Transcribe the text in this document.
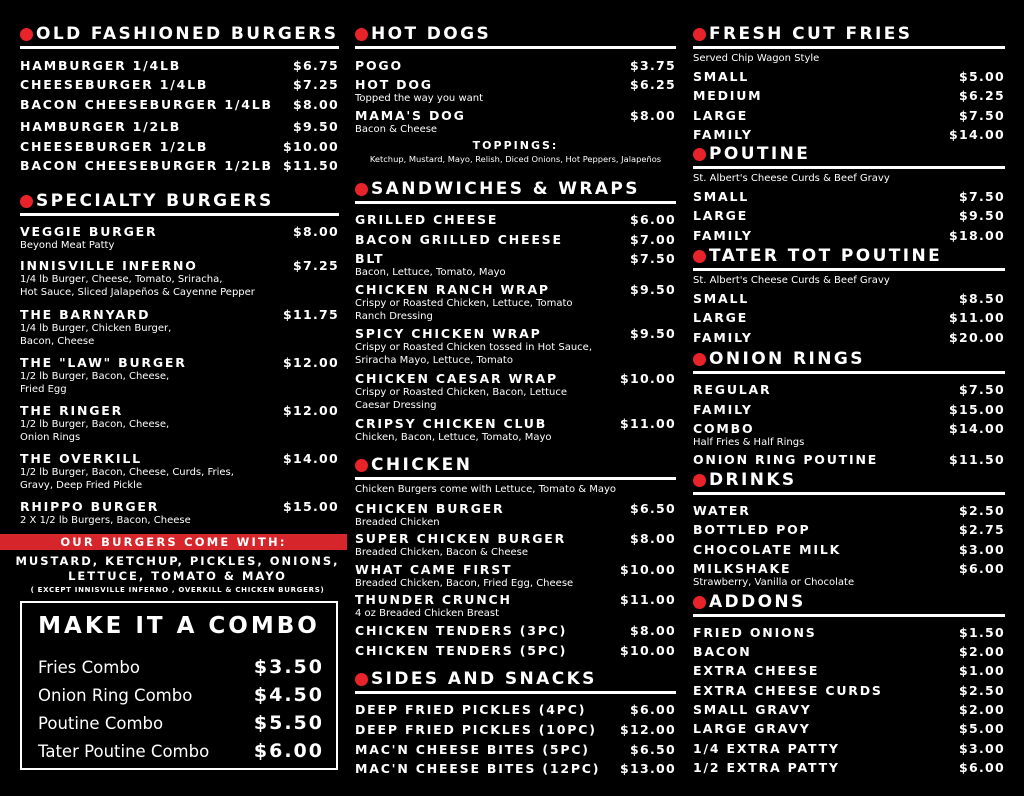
OLD FASHIONED BURGERS
HAMBURGER 1/4LB	$6.75
CHEESEBURGER 1/4LB	$7.25
BACON CHEESEBURGER 1/4LB $8.00
HAMBURGER 1/2LB	$9.50
CHEESEBURGER 1/2LB	$10.00
BACON CHEESEBURGER 1/2LB $11.50
SPECIALTY BURGERS
VEGGIE BURGER	$8.00
Beyond Meat Patty
INNISVILLE INFERNO	$7.25
1/4 lb Burger, Cheese, Tomato, Sriracha,
Hot Sauce, Sliced Jalapeños & Cayenne Pepper
THE BARNYARD	$11.75
1/4 lb Burger, Chicken Burger,
Bacon, Cheese
THE "LAW" BURGER	$12.00
1/2 lb Burger, Bacon, Cheese,
Fried Egg
THE RINGER	$12.00
1/2 lb Burger, Bacon, Cheese,
Onion Rings
THE OVERKILL	$14.00
1/2 lb Burger, Bacon, Cheese, Curds, Fries,
Gravy, Deep Fried Pickle
RHIPPO BURGER	$15.00
2 X 1/2 lb Burgers, Bacon, Cheese
OUR BURGERS COME WITH:
MUSTARD, KETCHUP, PICKLES, ONIONS,
LETTUCE, TOMATO & MAYO
( EXCEPT INNISVILLE INFERNO , OVERKILL & CHICKEN BURGERS)
MAKE IT A COMBO
Fries Combo	$3.50
Onion Ring Combo	$4.50
Poutine Combo	$5.50
Tater Poutine Combo $6.00
HOT DOGS
POGO	$3.75
HOT DOG	$6.25
Topped the way you want
MAMA'S DOG	$8.00
Bacon & Cheese
TOPPINGS:
Ketchup, Mustard, Mayo, Relish, Diced Onions, Hot Peppers, Jalapeños
SANDWICHES & WRAPS
GRILLED CHEESE	$6.00
BACON GRILLED CHEESE	$7.00
BLT	$7.50
Bacon, Lettuce, Tomato, Mayo
CHICKEN RANCH WRAP	$9.50
Crispy or Roasted Chicken, Lettuce, Tomato
Ranch Dressing
SPICY CHICKEN WRAP	$9.50
Crispy or Roasted Chicken tossed in Hot Sauce,
Sriracha Mayo, Lettuce, Tomato
CHICKEN CAESAR WRAP	$10.00
Crispy or Roasted Chicken, Bacon, Lettuce
Caesar Dressing
CRIPSY CHICKEN CLUB	$11.00
Chicken, Bacon, Lettuce, Tomato, Mayo
CHICKEN
Chicken Burgers come with Lettuce, Tomato & Mayo
CHICKEN BURGER	$6.50
Breaded Chicken
SUPER CHICKEN BURGER	$8.00
Breaded Chicken, Bacon & Cheese
WHAT CAME FIRST	$10.00
Breaded Chicken, Bacon, Fried Egg, Cheese
THUNDER CRUNCH	$11.00
4 oz Breaded Chicken Breast
CHICKEN TENDERS (3PC)	$8.00
CHICKEN TENDERS (5PC)	$10.00
SIDES AND SNACKS
DEEP FRIED PICKLES (4PC)	$6.00
DEEP FRIED PICKLES (10PC) $12.00
MAC'N CHEESE BITES (5PC)	$6.50
MAC'N CHEESE BITES (12PC) $13.00
FRESH CUT FRIES
Served Chip Wagon Style
SMALL	$5.00
MEDIUM	$6.25
LARGE	$7.50
FAMILY	$14.00
POUTINE
St. Albert's Cheese Curds & Beef Gravy
SMALL	$7.50
LARGE	$9.50
FAMILY	$18.00
TATER TOT POUTINE
St. Albert's Cheese Curds & Beef Gravy
SMALL	$8.50
LARGE	$11.00
FAMILY	$20.00
ONION RINGS
REGULAR	$7.50
FAMILY	$15.00
COMBO	$14.00
Half Fries & Half Rings
ONION RING POUTINE	$11.50
DRINKS
WATER	$2.50
BOTTLED POP	$2.75
CHOCOLATE MILK	$3.00
MILKSHAKE	$6.00
Strawberry, Vanilla or Chocolate
ADDONS
FRIED ONIONS	$1.50
BACON	$2.00
EXTRA CHEESE	$1.00
EXTRA CHEESE CURDS	$2.50
SMALL GRAVY	$2.00
LARGE GRAVY	$5.00
1/4 EXTRA PATTY	$3.00
1/2 EXTRA PATTY	$6.00
